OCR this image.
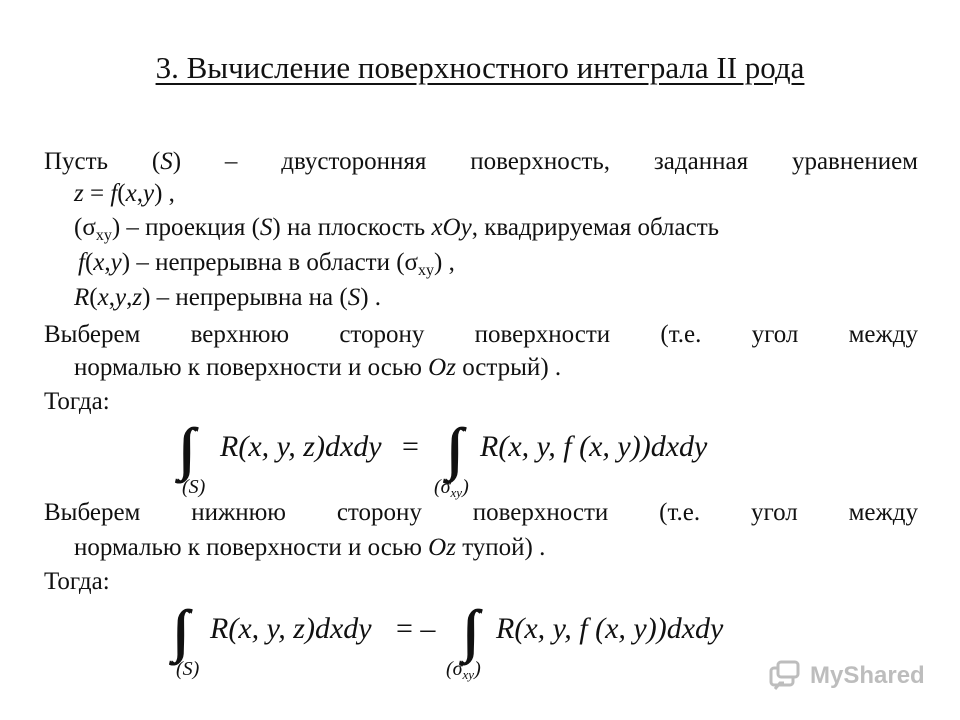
3. Вычисление поверхностного интеграла II рода
Пусть (S) – двусторонняя поверхность, заданная уравнением
z = f(x,y) ,
$(\sigma_{xy})$ – проекция (S) на плоскость xOy, квадрируемая область
f(x,y) – непрерывна в области $(\sigma_{xy})$ ,
R(x,y,z) – непрерывна на (S) .
Выберем верхнюю сторону поверхности (т.е. угол между
нормалью к поверхности и осью Oz острый) .
Тогда:
∫∫ R(x, y, z)dxdy
(S)
= ∫∫ R(x, y, f (x, y))dxdy
$(\sigma_{xy})$
Выберем нижнюю сторону поверхности (т.е. угол между
нормалью к поверхности и осью Oz тупой) .
Тогда:
∫∫ R(x, y, z)dxdy
(S)
= – ∫∫ R(x, y, f (x, y))dxdy
$(\sigma_{xy})$	MyShared
